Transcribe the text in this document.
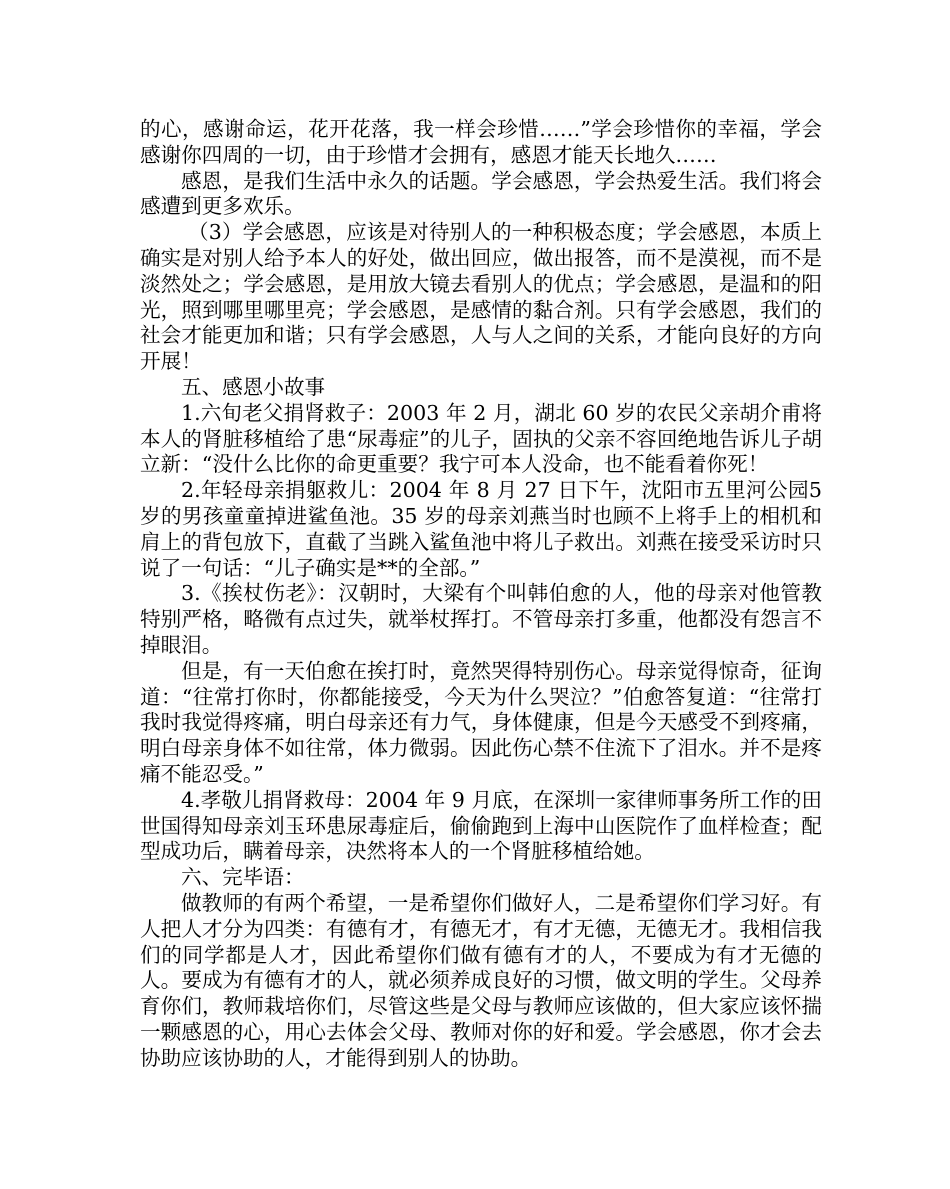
的心，感谢命运，花开花落，我一样会珍惜……”学会珍惜你的幸福，学会感谢你四周的一切，由于珍惜才会拥有，感恩才能天长地久……

感恩，是我们生活中永久的话题。学会感恩，学会热爱生活。我们将会感遭到更多欢乐。

（3）学会感恩，应该是对待别人的一种积极态度；学会感恩，本质上确实是对别人给予本人的好处，做出回应，做出报答，而不是漠视，而不是淡然处之；学会感恩，是用放大镜去看别人的优点；学会感恩，是温和的阳光，照到哪里哪里亮；学会感恩，是感情的黏合剂。只有学会感恩，我们的社会才能更加和谐；只有学会感恩，人与人之间的关系，才能向良好的方向开展！

五、感恩小故事

1.六旬老父捐肾救子：2003 年 2 月，湖北 60 岁的农民父亲胡介甫将本人的肾脏移植给了患“尿毒症”的儿子，固执的父亲不容回绝地告诉儿子胡立新：“没什么比你的命更重要？我宁可本人没命，也不能看着你死！

2.年轻母亲捐躯救儿：2004 年 8 月 27 日下午，沈阳市五里河公园5 岁的男孩童童掉进鲨鱼池。35 岁的母亲刘燕当时也顾不上将手上的相机和肩上的背包放下，直截了当跳入鲨鱼池中将儿子救出。刘燕在接受采访时只说了一句话：“儿子确实是**的全部。”

3.《挨杖伤老》：汉朝时，大梁有个叫韩伯愈的人，他的母亲对他管教特别严格，略微有点过失，就举杖挥打。不管母亲打多重，他都没有怨言不掉眼泪。

但是，有一天伯愈在挨打时，竟然哭得特别伤心。母亲觉得惊奇，征询道：“往常打你时，你都能接受，今天为什么哭泣？”伯愈答复道：“往常打我时我觉得疼痛，明白母亲还有力气，身体健康，但是今天感受不到疼痛，明白母亲身体不如往常，体力微弱。因此伤心禁不住流下了泪水。并不是疼痛不能忍受。”

4.孝敬儿捐肾救母：2004 年 9 月底，在深圳一家律师事务所工作的田世国得知母亲刘玉环患尿毒症后，偷偷跑到上海中山医院作了血样检查；配型成功后，瞒着母亲，决然将本人的一个肾脏移植给她。

六、完毕语：

做教师的有两个希望，一是希望你们做好人，二是希望你们学习好。有人把人才分为四类：有德有才，有德无才，有才无德，无德无才。我相信我们的同学都是人才，因此希望你们做有德有才的人，不要成为有才无德的人。要成为有德有才的人，就必须养成良好的习惯，做文明的学生。父母养育你们，教师栽培你们，尽管这些是父母与教师应该做的，但大家应该怀揣一颗感恩的心，用心去体会父母、教师对你的好和爱。学会感恩，你才会去协助应该协助的人，才能得到别人的协助。
